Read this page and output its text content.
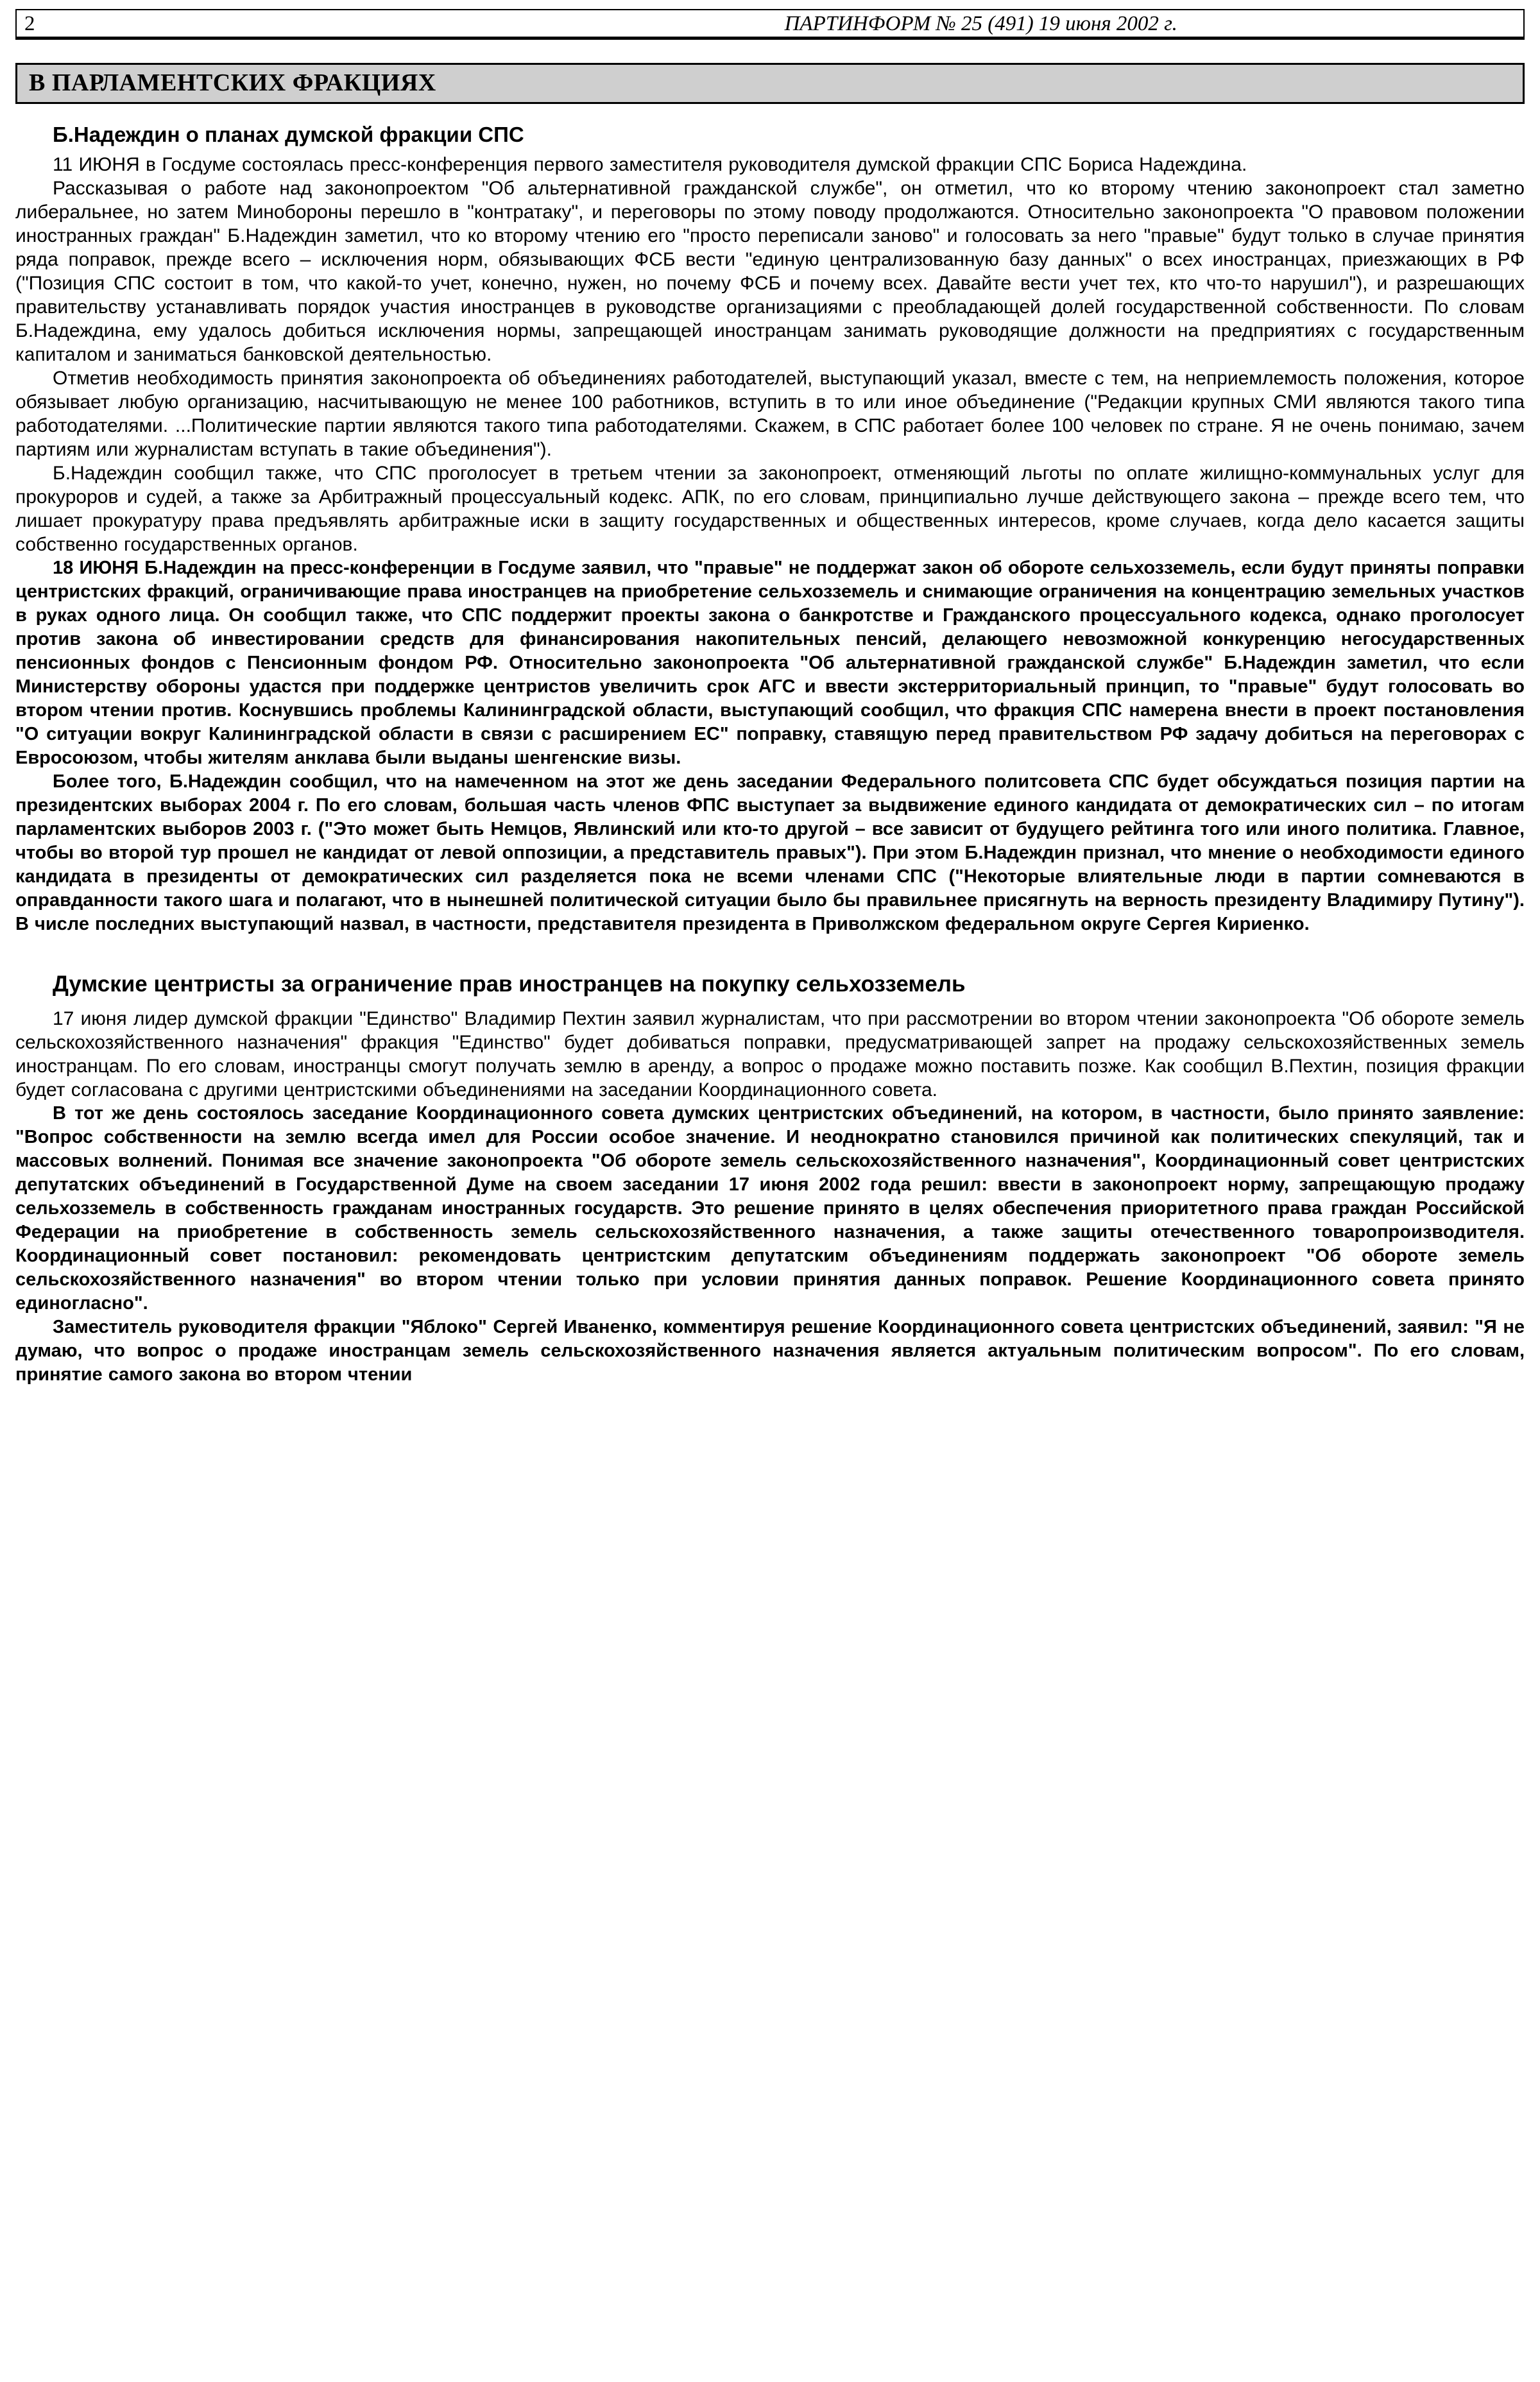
2	ПАРТИНФОРМ № 25 (491) 19 июня 2002 г.
В ПАРЛАМЕНТСКИХ ФРАКЦИЯХ
Б.Надеждин о планах думской фракции СПС

11 ИЮНЯ в Госдуме состоялась пресс-конференция первого заместителя руководителя думской фракции СПС Бориса Надеждина.

Рассказывая о работе над законопроектом "Об альтернативной гражданской службе", он отметил, что ко второму чтению законопроект стал заметно либеральнее, но затем Минобороны перешло в "контратаку", и переговоры по этому поводу продолжаются. Относительно законопроекта "О правовом положении иностранных граждан" Б.Надеждин заметил, что ко второму чтению его "просто переписали заново" и голосовать за него "правые" будут только в случае принятия ряда поправок, прежде всего – исключения норм, обязывающих ФСБ вести "единую централизованную базу данных" о всех иностранцах, приезжающих в РФ ("Позиция СПС состоит в том, что какой-то учет, конечно, нужен, но почему ФСБ и почему всех. Давайте вести учет тех, кто что-то нарушил"), и разрешающих правительству устанавливать порядок участия иностранцев в руководстве организациями с преобладающей долей государственной собственности. По словам Б.Надеждина, ему удалось добиться исключения нормы, запрещающей иностранцам занимать руководящие должности на предприятиях с государственным капиталом и заниматься банковской деятельностью.

Отметив необходимость принятия законопроекта об объединениях работодателей, выступающий указал, вместе с тем, на неприемлемость положения, которое обязывает любую организацию, насчитывающую не менее 100 работников, вступить в то или иное объединение ("Редакции крупных СМИ являются такого типа работодателями. ...Политические партии являются такого типа работодателями. Скажем, в СПС работает более 100 человек по стране. Я не очень понимаю, зачем партиям или журналистам вступать в такие объединения").

Б.Надеждин сообщил также, что СПС проголосует в третьем чтении за законопроект, отменяющий льготы по оплате жилищно-коммунальных услуг для прокуроров и судей, а также за Арбитражный процессуальный кодекс. АПК, по его словам, принципиально лучше действующего закона – прежде всего тем, что лишает прокуратуру права предъявлять арбитражные иски в защиту государственных и общественных интересов, кроме случаев, когда дело касается защиты собственно государственных органов.

18 ИЮНЯ Б.Надеждин на пресс-конференции в Госдуме заявил, что "правые" не поддержат закон об обороте сельхозземель, если будут приняты поправки центристских фракций, ограничивающие права иностранцев на приобретение сельхозземель и снимающие ограничения на концентрацию земельных участков в руках одного лица. Он сообщил также, что СПС поддержит проекты закона о банкротстве и Гражданского процессуального кодекса, однако проголосует против закона об инвестировании средств для финансирования накопительных пенсий, делающего невозможной конкуренцию негосударственных пенсионных фондов с Пенсионным фондом РФ. Относительно законопроекта "Об альтернативной гражданской службе" Б.Надеждин заметил, что если Министерству обороны удастся при поддержке центристов увеличить срок АГС и ввести экстерриториальный принцип, то "правые" будут голосовать во втором чтении против. Коснувшись проблемы Калининградской области, выступающий сообщил, что фракция СПС намерена внести в проект постановления "О ситуации вокруг Калининградской области в связи с расширением ЕС" поправку, ставящую перед правительством РФ задачу добиться на переговорах с Евросоюзом, чтобы жителям анклава были выданы шенгенские визы.

Более того, Б.Надеждин сообщил, что на намеченном на этот же день заседании Федерального политсовета СПС будет обсуждаться позиция партии на президентских выборах 2004 г. По его словам, большая часть членов ФПС выступает за выдвижение единого кандидата от демократических сил – по итогам парламентских выборов 2003 г. ("Это может быть Немцов, Явлинский или кто-то другой – все зависит от будущего рейтинга того или иного политика. Главное, чтобы во второй тур прошел не кандидат от левой оппозиции, а представитель правых"). При этом Б.Надеждин признал, что мнение о необходимости единого кандидата в президенты от демократических сил разделяется пока не всеми членами СПС ("Некоторые влиятельные люди в партии сомневаются в оправданности такого шага и полагают, что в нынешней политической ситуации было бы правильнее присягнуть на верность президенту Владимиру Путину"). В числе последних выступающий назвал, в частности, представителя президента в Приволжском федеральном округе Сергея Кириенко.

Думские центристы за ограничение прав иностранцев на покупку сельхозземель

17 июня лидер думской фракции "Единство" Владимир Пехтин заявил журналистам, что при рассмотрении во втором чтении законопроекта "Об обороте земель сельскохозяйственного назначения" фракция "Единство" будет добиваться поправки, предусматривающей запрет на продажу сельскохозяйственных земель иностранцам. По его словам, иностранцы смогут получать землю в аренду, а вопрос о продаже можно поставить позже. Как сообщил В.Пехтин, позиция фракции будет согласована с другими центристскими объединениями на заседании Координационного совета.

В тот же день состоялось заседание Координационного совета думских центристских объединений, на котором, в частности, было принято заявление: "Вопрос собственности на землю всегда имел для России особое значение. И неоднократно становился причиной как политических спекуляций, так и массовых волнений. Понимая все значение законопроекта "Об обороте земель сельскохозяйственного назначения", Координационный совет центристских депутатских объединений в Государственной Думе на своем заседании 17 июня 2002 года решил: ввести в законопроект норму, запрещающую продажу сельхозземель в собственность гражданам иностранных государств. Это решение принято в целях обеспечения приоритетного права граждан Российской Федерации на приобретение в собственность земель сельскохозяйственного назначения, а также защиты отечественного товаропроизводителя. Координационный совет постановил: рекомендовать центристским депутатским объединениям поддержать законопроект "Об обороте земель сельскохозяйственного назначения" во втором чтении только при условии принятия данных поправок. Решение Координационного совета принято единогласно".

Заместитель руководителя фракции "Яблоко" Сергей Иваненко, комментируя решение Координационного совета центристских объединений, заявил: "Я не думаю, что вопрос о продаже иностранцам земель сельскохозяйственного назначения является актуальным политическим вопросом". По его словам, принятие самого закона во втором чтении
